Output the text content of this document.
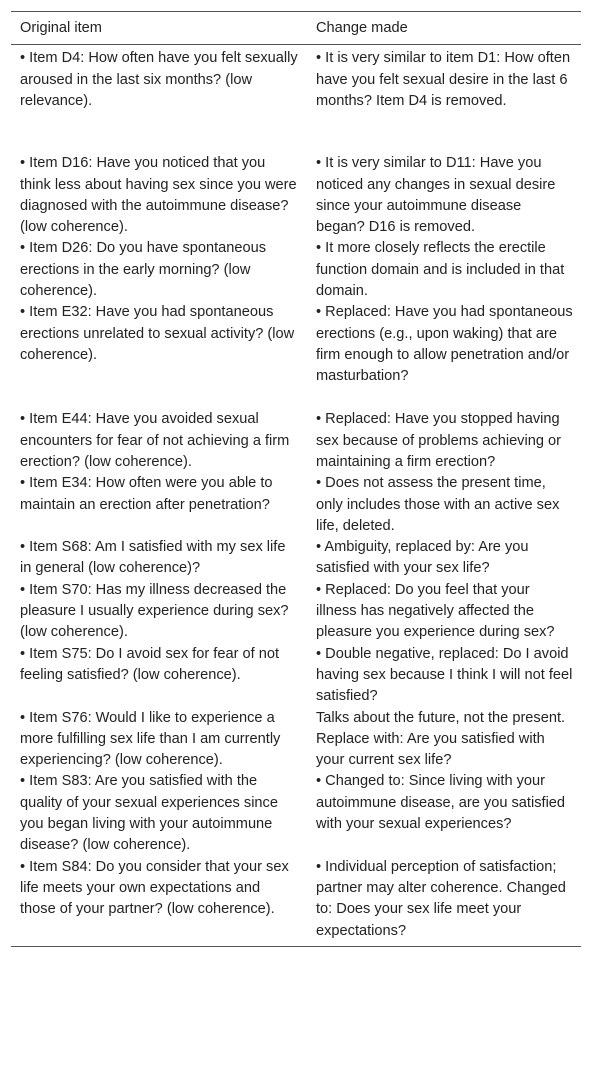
Original item	Change made
• Item D4: How often have you felt sexually aroused in the last six months? (low relevance).	• It is very similar to item D1: How often have you felt sexual desire in the last 6 months? Item D4 is removed.
• Item D16: Have you noticed that you think less about having sex since you were diagnosed with the autoimmune disease? (low coherence).	• It is very similar to D11: Have you noticed any changes in sexual desire since your autoimmune disease began? D16 is removed.
• Item D26: Do you have spontaneous erections in the early morning? (low coherence).	• It more closely reflects the erectile function domain and is included in that domain.
• Item E32: Have you had spontaneous erections unrelated to sexual activity? (low coherence).	• Replaced: Have you had spontaneous erections (e.g., upon waking) that are firm enough to allow penetration and/or masturbation?
• Item E44: Have you avoided sexual encounters for fear of not achieving a firm erection? (low coherence).	• Replaced: Have you stopped having sex because of problems achieving or maintaining a firm erection?
• Item E34: How often were you able to maintain an erection after penetration?	• Does not assess the present time, only includes those with an active sex life, deleted.
• Item S68: Am I satisfied with my sex life in general (low coherence)?	• Ambiguity, replaced by: Are you satisfied with your sex life?
• Item S70: Has my illness decreased the pleasure I usually experience during sex? (low coherence).	• Replaced: Do you feel that your illness has negatively affected the pleasure you experience during sex?
• Item S75: Do I avoid sex for fear of not feeling satisfied? (low coherence).	• Double negative, replaced: Do I avoid having sex because I think I will not feel satisfied?
• Item S76: Would I like to experience a more fulfilling sex life than I am currently experiencing? (low coherence).	Talks about the future, not the present. Replace with: Are you satisfied with your current sex life?
• Item S83: Are you satisfied with the quality of your sexual experiences since you began living with your autoimmune disease? (low coherence).	• Changed to: Since living with your autoimmune disease, are you satisfied with your sexual experiences?
• Item S84: Do you consider that your sex life meets your own expectations and those of your partner? (low coherence).	• Individual perception of satisfaction; partner may alter coherence. Changed to: Does your sex life meet your expectations?
